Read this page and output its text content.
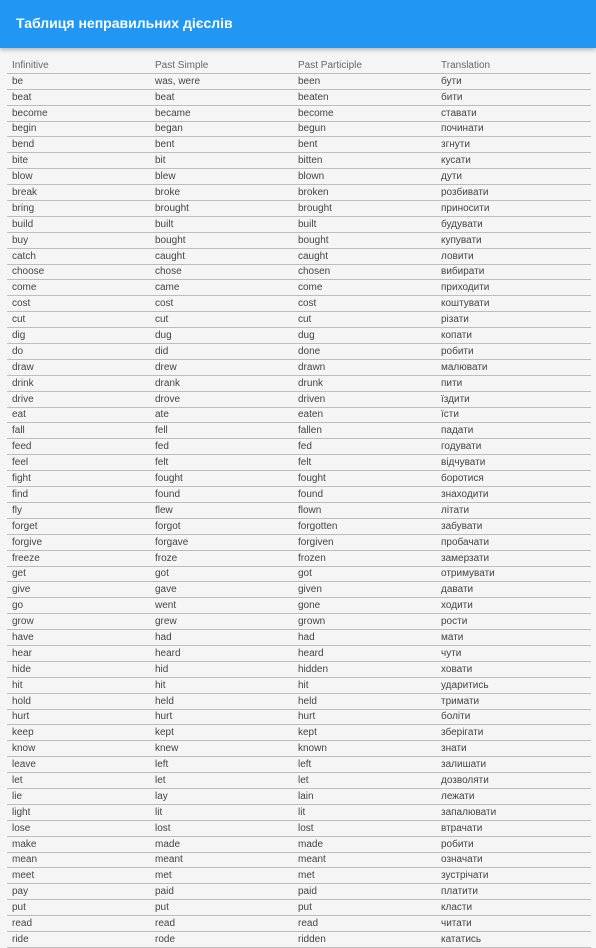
Таблиця неправильних дієслів
Infinitive	Past Simple	Past Participle	Translation
be	was, were	been	бути
beat	beat	beaten	бити
become	became	become	ставати
begin	began	begun	починати
bend	bent	bent	згнути
bite	bit	bitten	кусати
blow	blew	blown	дути
break	broke	broken	розбивати
bring	brought	brought	приносити
build	built	built	будувати
buy	bought	bought	купувати
catch	caught	caught	ловити
choose	chose	chosen	вибирати
come	came	come	приходити
cost	cost	cost	коштувати
cut	cut	cut	різати
dig	dug	dug	копати
do	did	done	робити
draw	drew	drawn	малювати
drink	drank	drunk	пити
drive	drove	driven	їздити
eat	ate	eaten	їсти
fall	fell	fallen	падати
feed	fed	fed	годувати
feel	felt	felt	відчувати
fight	fought	fought	боротися
find	found	found	знаходити
fly	flew	flown	літати
forget	forgot	forgotten	забувати
forgive	forgave	forgiven	пробачати
freeze	froze	frozen	замерзати
get	got	got	отримувати
give	gave	given	давати
go	went	gone	ходити
grow	grew	grown	рости
have	had	had	мати
hear	heard	heard	чути
hide	hid	hidden	ховати
hit	hit	hit	ударитись
hold	held	held	тримати
hurt	hurt	hurt	боліти
keep	kept	kept	зберігати
know	knew	known	знати
leave	left	left	залишати
let	let	let	дозволяти
lie	lay	lain	лежати
light	lit	lit	запалювати
lose	lost	lost	втрачати
make	made	made	робити
mean	meant	meant	означати
meet	met	met	зустрічати
pay	paid	paid	платити
put	put	put	класти
read	read	read	читати
ride	rode	ridden	кататись
